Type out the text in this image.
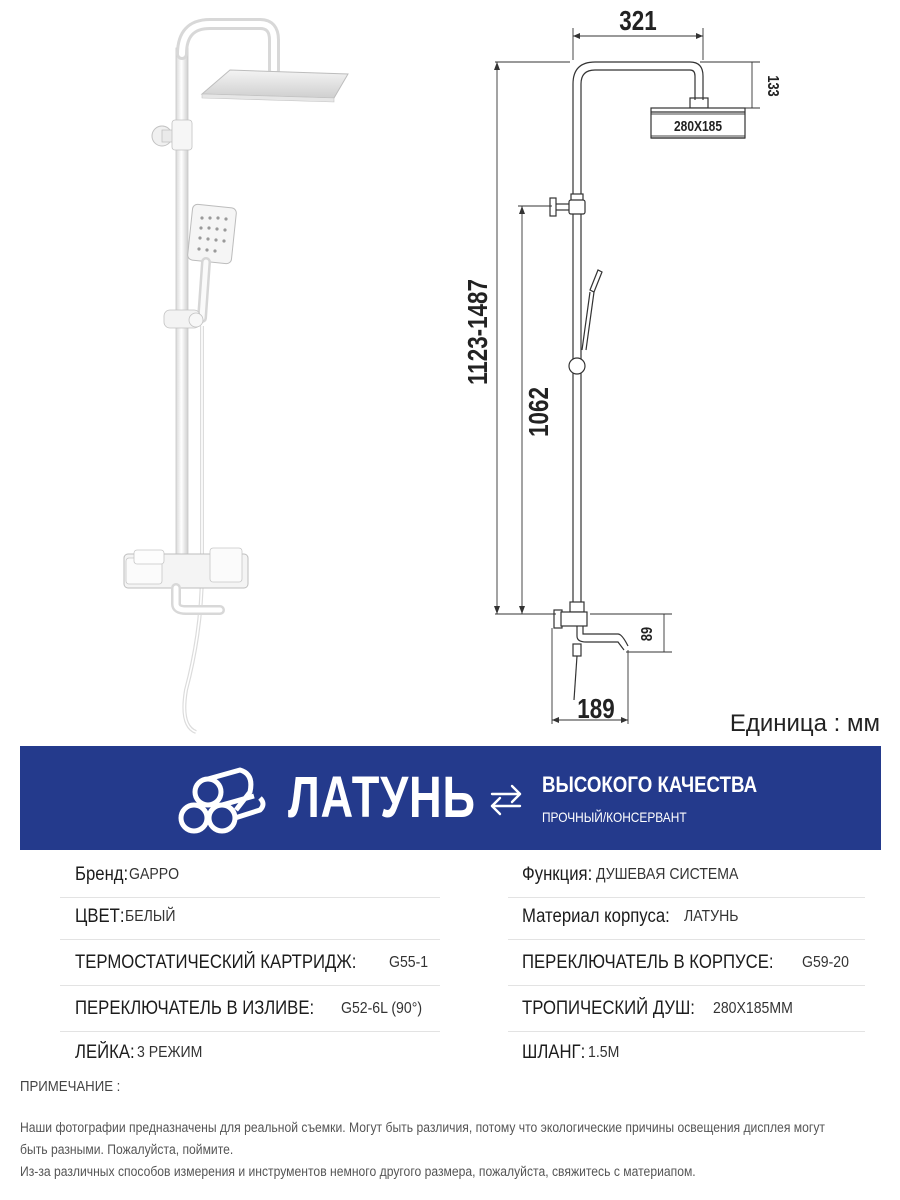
321
133
280X185
1123-1487
1062
89
189	Единица : мм
ЛАТУНЬ	ВЫСОКОГО КАЧЕСТВА
ПРОЧНЫЙ/КОНСЕРВАНТ
Бренд: GAPPO	Функция: ДУШЕВАЯ СИСТЕМА
ЦВЕТ: БЕЛЫЙ	Материал корпуса: ЛАТУНЬ
ТЕРМОСТАТИЧЕСКИЙ КАРТРИДЖ: G55-1	ПЕРЕКЛЮЧАТЕЛЬ В КОРПУСЕ: G59-20
ПЕРЕКЛЮЧАТЕЛЬ В ИЗЛИВЕ: G52-6L (90°)	ТРОПИЧЕСКИЙ ДУШ: 280X185MM
ЛЕЙКА: 3 РЕЖИМ	ШЛАНГ: 1.5M
ПРИМЕЧАНИЕ :
Наши фотографии предназначены для реальной съемки. Могут быть различия, потому что экологические причины освещения дисплея могут
быть разными. Пожалуйста, поймите.
Из-за различных способов измерения и инструментов немного другого размера, пожалуйста, свяжитесь с материапом.
